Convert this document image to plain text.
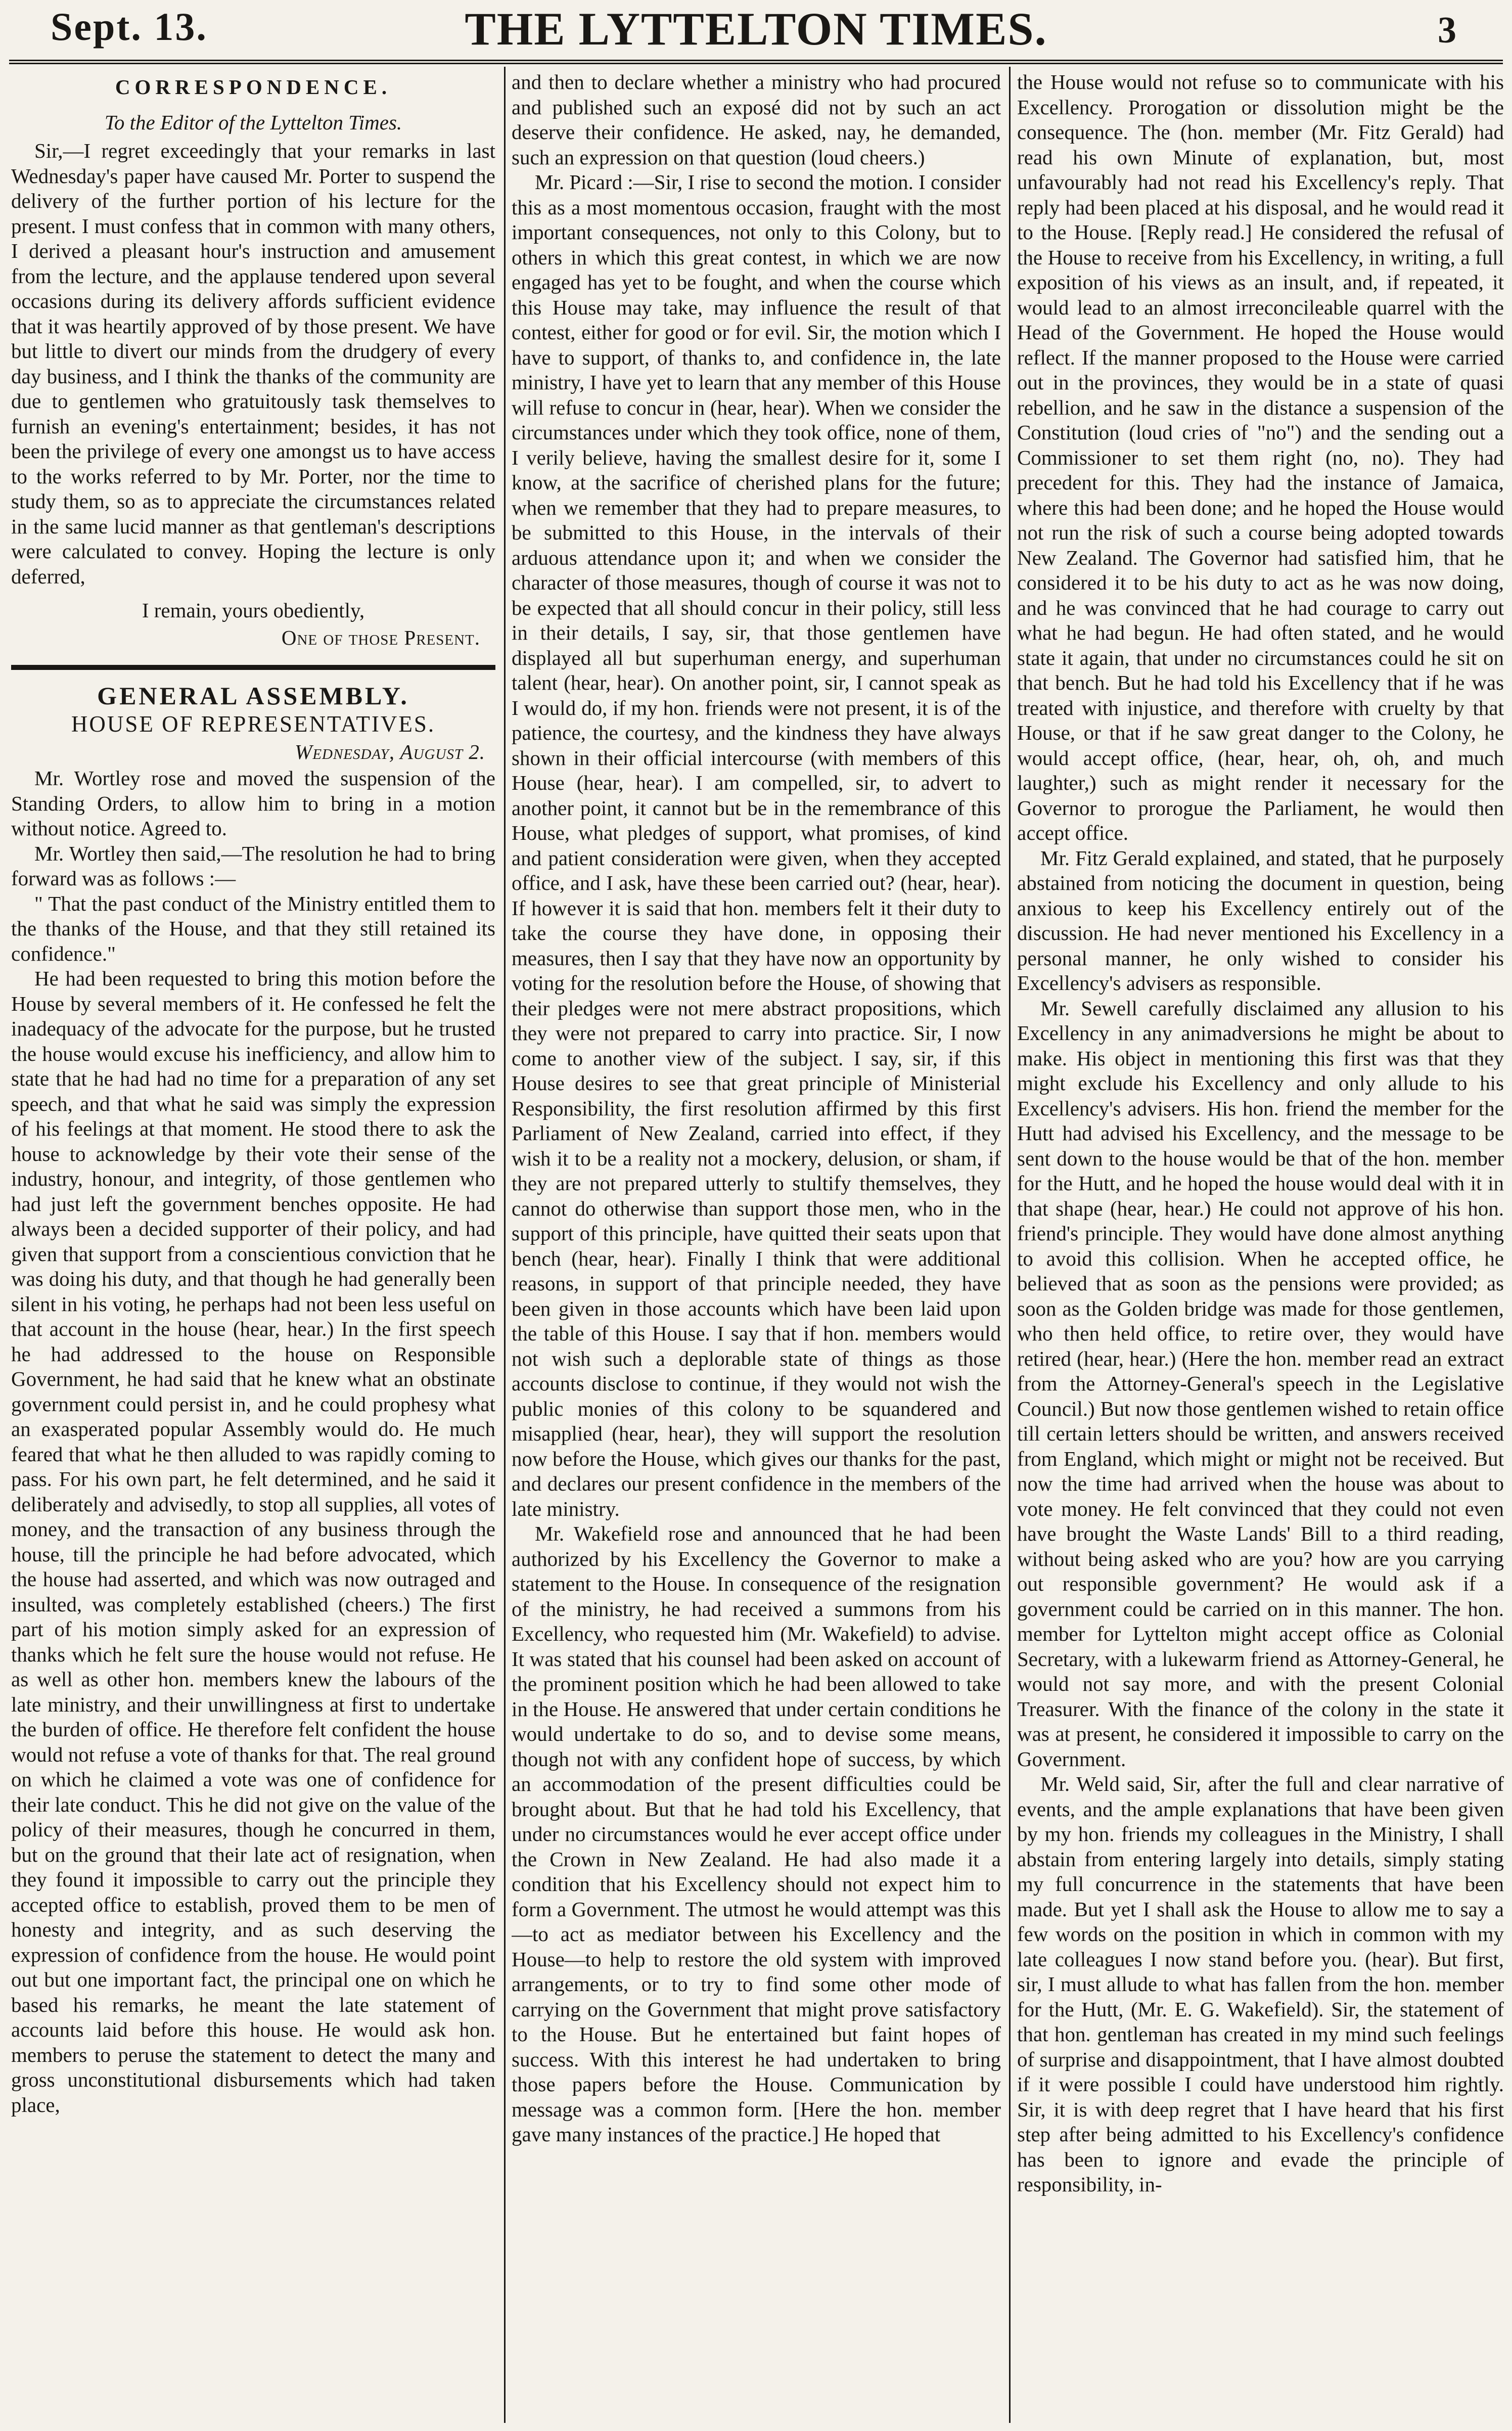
Sept. 13.	THE LYTTELTON TIMES.	3
CORRESPONDENCE.
To the Editor of the Lyttelton Times.

Sir,—I regret exceedingly that your remarks in last Wednesday's paper have caused Mr. Porter to suspend the delivery of the further portion of his lecture for the present. I must confess that in common with many others, I derived a pleasant hour's instruction and amusement from the lecture, and the applause tendered upon several occasions during its delivery affords sufficient evidence that it was heartily approved of by those present. We have but little to divert our minds from the drudgery of every day business, and I think the thanks of the community are due to gentlemen who gratuitously task themselves to furnish an evening's entertainment; besides, it has not been the privilege of every one amongst us to have access to the works referred to by Mr. Porter, nor the time to study them, so as to appreciate the circumstances related in the same lucid manner as that gentleman's descriptions were calculated to convey. Hoping the lecture is only deferred,

I remain, yours obediently,
One of those Present.
GENERAL ASSEMBLY.
HOUSE OF REPRESENTATIVES.
Wednesday, August 2.

Mr. Wortley rose and moved the suspension of the Standing Orders, to allow him to bring in a motion without notice. Agreed to.

Mr. Wortley then said,—The resolution he had to bring forward was as follows :—

" That the past conduct of the Ministry entitled them to the thanks of the House, and that they still retained its confidence."

He had been requested to bring this motion before the House by several members of it. He confessed he felt the inadequacy of the advocate for the purpose, but he trusted the house would excuse his inefficiency, and allow him to state that he had had no time for a preparation of any set speech, and that what he said was simply the expression of his feelings at that moment. He stood there to ask the house to acknowledge by their vote their sense of the industry, honour, and integrity, of those gentlemen who had just left the government benches opposite. He had always been a decided supporter of their policy, and had given that support from a conscientious conviction that he was doing his duty, and that though he had generally been silent in his voting, he perhaps had not been less useful on that account in the house (hear, hear.) In the first speech he had addressed to the house on Responsible Government, he had said that he knew what an obstinate government could persist in, and he could prophesy what an exasperated popular Assembly would do. He much feared that what he then alluded to was rapidly coming to pass. For his own part, he felt determined, and he said it deliberately and advisedly, to stop all supplies, all votes of money, and the transaction of any business through the house, till the principle he had before advocated, which the house had asserted, and which was now outraged and insulted, was completely established (cheers.) The first part of his motion simply asked for an expression of thanks which he felt sure the house would not refuse. He as well as other hon. members knew the labours of the late ministry, and their unwillingness at first to undertake the burden of office. He therefore felt confident the house would not refuse a vote of thanks for that. The real ground on which he claimed a vote was one of confidence for their late conduct. This he did not give on the value of the policy of their measures, though he concurred in them, but on the ground that their late act of resignation, when they found it impossible to carry out the principle they accepted office to establish, proved them to be men of honesty and integrity, and as such deserving the expression of confidence from the house. He would point out but one important fact, the principal one on which he based his remarks, he meant the late statement of accounts laid before this house. He would ask hon. members to peruse the statement to detect the many and gross unconstitutional disbursements which had taken place,

and then to declare whether a ministry who had procured and published such an exposé did not by such an act deserve their confidence. He asked, nay, he demanded, such an expression on that question (loud cheers.)

Mr. Picard :—Sir, I rise to second the motion. I consider this as a most momentous occasion, fraught with the most important consequences, not only to this Colony, but to others in which this great contest, in which we are now engaged has yet to be fought, and when the course which this House may take, may influence the result of that contest, either for good or for evil. Sir, the motion which I have to support, of thanks to, and confidence in, the late ministry, I have yet to learn that any member of this House will refuse to concur in (hear, hear). When we consider the circumstances under which they took office, none of them, I verily believe, having the smallest desire for it, some I know, at the sacrifice of cherished plans for the future; when we remember that they had to prepare measures, to be submitted to this House, in the intervals of their arduous attendance upon it; and when we consider the character of those measures, though of course it was not to be expected that all should concur in their policy, still less in their details, I say, sir, that those gentlemen have displayed all but superhuman energy, and superhuman talent (hear, hear). On another point, sir, I cannot speak as I would do, if my hon. friends were not present, it is of the patience, the courtesy, and the kindness they have always shown in their official intercourse (with members of this House (hear, hear). I am compelled, sir, to advert to another point, it cannot but be in the remembrance of this House, what pledges of support, what promises, of kind and patient consideration were given, when they accepted office, and I ask, have these been carried out? (hear, hear). If however it is said that hon. members felt it their duty to take the course they have done, in opposing their measures, then I say that they have now an opportunity by voting for the resolution before the House, of showing that their pledges were not mere abstract propositions, which they were not prepared to carry into practice. Sir, I now come to another view of the subject. I say, sir, if this House desires to see that great principle of Ministerial Responsibility, the first resolution affirmed by this first Parliament of New Zealand, carried into effect, if they wish it to be a reality not a mockery, delusion, or sham, if they are not prepared utterly to stultify themselves, they cannot do otherwise than support those men, who in the support of this principle, have quitted their seats upon that bench (hear, hear). Finally I think that were additional reasons, in support of that principle needed, they have been given in those accounts which have been laid upon the table of this House. I say that if hon. members would not wish such a deplorable state of things as those accounts disclose to continue, if they would not wish the public monies of this colony to be squandered and misapplied (hear, hear), they will support the resolution now before the House, which gives our thanks for the past, and declares our present confidence in the members of the late ministry.

Mr. Wakefield rose and announced that he had been authorized by his Excellency the Governor to make a statement to the House. In consequence of the resignation of the ministry, he had received a summons from his Excellency, who requested him (Mr. Wakefield) to advise. It was stated that his counsel had been asked on account of the prominent position which he had been allowed to take in the House. He answered that under certain conditions he would undertake to do so, and to devise some means, though not with any confident hope of success, by which an accommodation of the present difficulties could be brought about. But that he had told his Excellency, that under no circumstances would he ever accept office under the Crown in New Zealand. He had also made it a condition that his Excellency should not expect him to form a Government. The utmost he would attempt was this—to act as mediator between his Excellency and the House—to help to restore the old system with improved arrangements, or to try to find some other mode of carrying on the Government that might prove satisfactory to the House. But he entertained but faint hopes of success. With this interest he had undertaken to bring those papers before the House. Communication by message was a common form. [Here the hon. member gave many instances of the practice.] He hoped that

the House would not refuse so to communicate with his Excellency. Prorogation or dissolution might be the consequence. The (hon. member (Mr. Fitz Gerald) had read his own Minute of explanation, but, most unfavourably had not read his Excellency's reply. That reply had been placed at his disposal, and he would read it to the House. [Reply read.] He considered the refusal of the House to receive from his Excellency, in writing, a full exposition of his views as an insult, and, if repeated, it would lead to an almost irreconcileable quarrel with the Head of the Government. He hoped the House would reflect. If the manner proposed to the House were carried out in the provinces, they would be in a state of quasi rebellion, and he saw in the distance a suspension of the Constitution (loud cries of "no") and the sending out a Commissioner to set them right (no, no). They had precedent for this. They had the instance of Jamaica, where this had been done; and he hoped the House would not run the risk of such a course being adopted towards New Zealand. The Governor had satisfied him, that he considered it to be his duty to act as he was now doing, and he was convinced that he had courage to carry out what he had begun. He had often stated, and he would state it again, that under no circumstances could he sit on that bench. But he had told his Excellency that if he was treated with injustice, and therefore with cruelty by that House, or that if he saw great danger to the Colony, he would accept office, (hear, hear, oh, oh, and much laughter,) such as might render it necessary for the Governor to prorogue the Parliament, he would then accept office.

Mr. Fitz Gerald explained, and stated, that he purposely abstained from noticing the document in question, being anxious to keep his Excellency entirely out of the discussion. He had never mentioned his Excellency in a personal manner, he only wished to consider his Excellency's advisers as responsible.

Mr. Sewell carefully disclaimed any allusion to his Excellency in any animadversions he might be about to make. His object in mentioning this first was that they might exclude his Excellency and only allude to his Excellency's advisers. His hon. friend the member for the Hutt had advised his Excellency, and the message to be sent down to the house would be that of the hon. member for the Hutt, and he hoped the house would deal with it in that shape (hear, hear.) He could not approve of his hon. friend's principle. They would have done almost anything to avoid this collision. When he accepted office, he believed that as soon as the pensions were provided; as soon as the Golden bridge was made for those gentlemen, who then held office, to retire over, they would have retired (hear, hear.) (Here the hon. member read an extract from the Attorney-General's speech in the Legislative Council.) But now those gentlemen wished to retain office till certain letters should be written, and answers received from England, which might or might not be received. But now the time had arrived when the house was about to vote money. He felt convinced that they could not even have brought the Waste Lands' Bill to a third reading, without being asked who are you? how are you carrying out responsible government? He would ask if a government could be carried on in this manner. The hon. member for Lyttelton might accept office as Colonial Secretary, with a lukewarm friend as Attorney-General, he would not say more, and with the present Colonial Treasurer. With the finance of the colony in the state it was at present, he considered it impossible to carry on the Government.

Mr. Weld said, Sir, after the full and clear narrative of events, and the ample explanations that have been given by my hon. friends my colleagues in the Ministry, I shall abstain from entering largely into details, simply stating my full concurrence in the statements that have been made. But yet I shall ask the House to allow me to say a few words on the position in which in common with my late colleagues I now stand before you. (hear). But first, sir, I must allude to what has fallen from the hon. member for the Hutt, (Mr. E. G. Wakefield). Sir, the statement of that hon. gentleman has created in my mind such feelings of surprise and disappointment, that I have almost doubted if it were possible I could have understood him rightly. Sir, it is with deep regret that I have heard that his first step after being admitted to his Excellency's confidence has been to ignore and evade the principle of responsibility, in-
